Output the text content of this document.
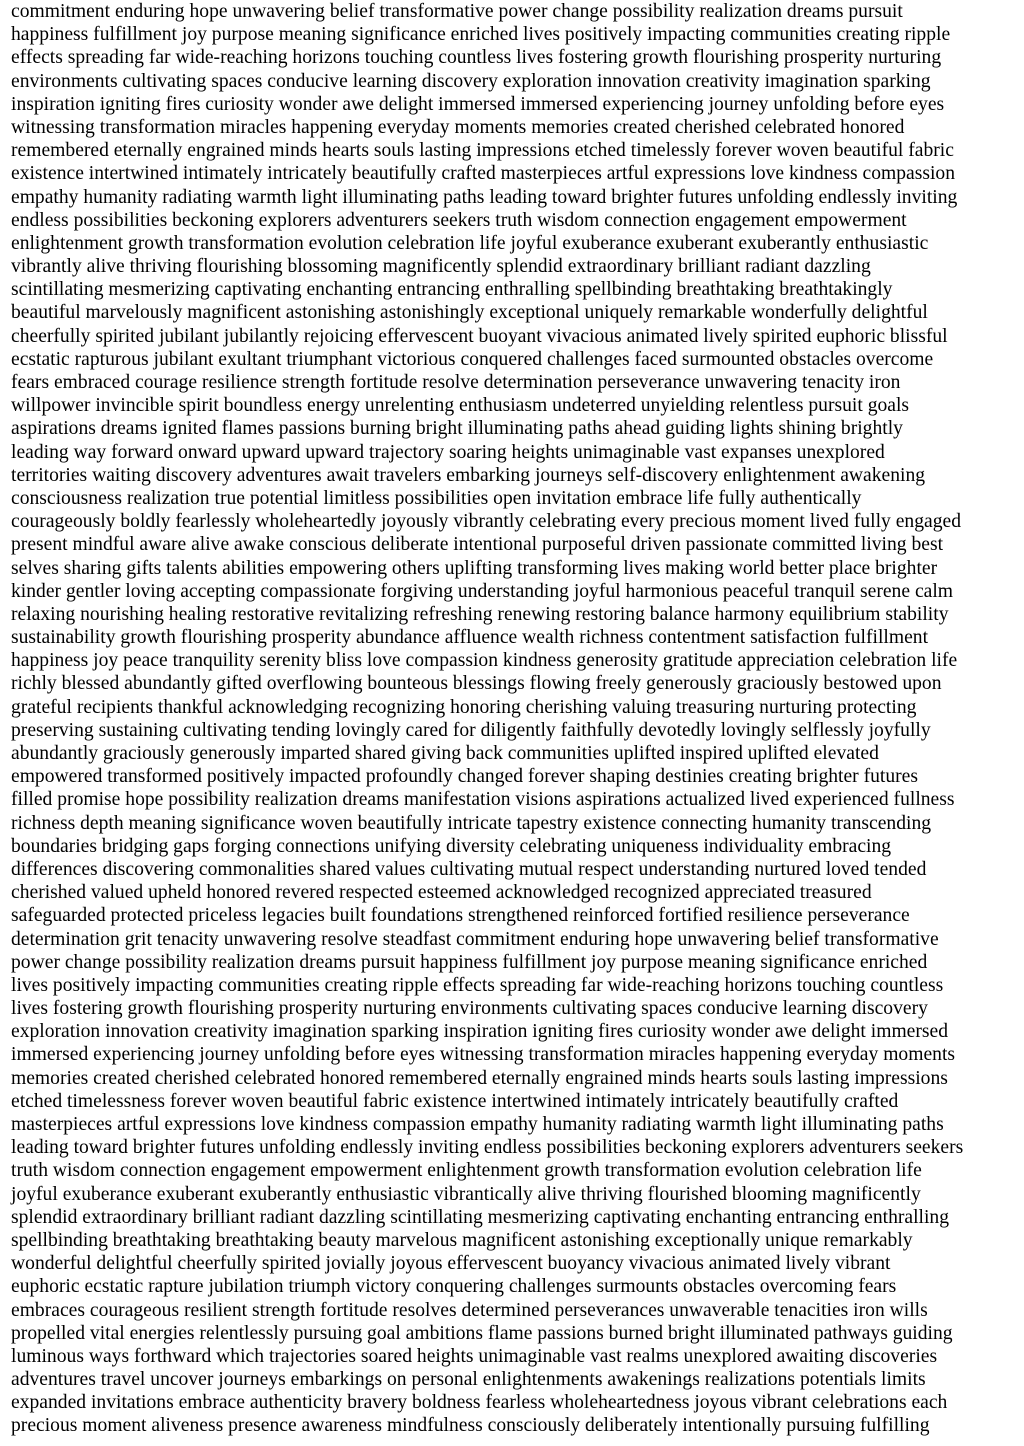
commitment enduring hope unwavering belief transformative power change possibility realization dreams pursuit
happiness fulfillment joy purpose meaning significance enriched lives positively impacting communities creating ripple
effects spreading far wide-reaching horizons touching countless lives fostering growth flourishing prosperity nurturing
environments cultivating spaces conducive learning discovery exploration innovation creativity imagination sparking
inspiration igniting fires curiosity wonder awe delight immersed immersed experiencing journey unfolding before eyes
witnessing transformation miracles happening everyday moments memories created cherished celebrated honored
remembered eternally engrained minds hearts souls lasting impressions etched timelessly forever woven beautiful fabric
existence intertwined intimately intricately beautifully crafted masterpieces artful expressions love kindness compassion
empathy humanity radiating warmth light illuminating paths leading toward brighter futures unfolding endlessly inviting
endless possibilities beckoning explorers adventurers seekers truth wisdom connection engagement empowerment
enlightenment growth transformation evolution celebration life joyful exuberance exuberant exuberantly enthusiastic
vibrantly alive thriving flourishing blossoming magnificently splendid extraordinary brilliant radiant dazzling
scintillating mesmerizing captivating enchanting entrancing enthralling spellbinding breathtaking breathtakingly
beautiful marvelously magnificent astonishing astonishingly exceptional uniquely remarkable wonderfully delightful
cheerfully spirited jubilant jubilantly rejoicing effervescent buoyant vivacious animated lively spirited euphoric blissful
ecstatic rapturous jubilant exultant triumphant victorious conquered challenges faced surmounted obstacles overcome
fears embraced courage resilience strength fortitude resolve determination perseverance unwavering tenacity iron
willpower invincible spirit boundless energy unrelenting enthusiasm undeterred unyielding relentless pursuit goals
aspirations dreams ignited flames passions burning bright illuminating paths ahead guiding lights shining brightly
leading way forward onward upward upward trajectory soaring heights unimaginable vast expanses unexplored
territories waiting discovery adventures await travelers embarking journeys self-discovery enlightenment awakening
consciousness realization true potential limitless possibilities open invitation embrace life fully authentically
courageously boldly fearlessly wholeheartedly joyously vibrantly celebrating every precious moment lived fully engaged
present mindful aware alive awake conscious deliberate intentional purposeful driven passionate committed living best
selves sharing gifts talents abilities empowering others uplifting transforming lives making world better place brighter
kinder gentler loving accepting compassionate forgiving understanding joyful harmonious peaceful tranquil serene calm
relaxing nourishing healing restorative revitalizing refreshing renewing restoring balance harmony equilibrium stability
sustainability growth flourishing prosperity abundance affluence wealth richness contentment satisfaction fulfillment
happiness joy peace tranquility serenity bliss love compassion kindness generosity gratitude appreciation celebration life
richly blessed abundantly gifted overflowing bounteous blessings flowing freely generously graciously bestowed upon
grateful recipients thankful acknowledging recognizing honoring cherishing valuing treasuring nurturing protecting
preserving sustaining cultivating tending lovingly cared for diligently faithfully devotedly lovingly selflessly joyfully
abundantly graciously generously imparted shared giving back communities uplifted inspired uplifted elevated
empowered transformed positively impacted profoundly changed forever shaping destinies creating brighter futures
filled promise hope possibility realization dreams manifestation visions aspirations actualized lived experienced fullness
richness depth meaning significance woven beautifully intricate tapestry existence connecting humanity transcending
boundaries bridging gaps forging connections unifying diversity celebrating uniqueness individuality embracing
differences discovering commonalities shared values cultivating mutual respect understanding nurtured loved tended
cherished valued upheld honored revered respected esteemed acknowledged recognized appreciated treasured
safeguarded protected priceless legacies built foundations strengthened reinforced fortified resilience perseverance
determination grit tenacity unwavering resolve steadfast commitment enduring hope unwavering belief transformative
power change possibility realization dreams pursuit happiness fulfillment joy purpose meaning significance enriched
lives positively impacting communities creating ripple effects spreading far wide-reaching horizons touching countless
lives fostering growth flourishing prosperity nurturing environments cultivating spaces conducive learning discovery
exploration innovation creativity imagination sparking inspiration igniting fires curiosity wonder awe delight immersed
immersed experiencing journey unfolding before eyes witnessing transformation miracles happening everyday moments
memories created cherished celebrated honored remembered eternally engrained minds hearts souls lasting impressions
etched timelessness forever woven beautiful fabric existence intertwined intimately intricately beautifully crafted
masterpieces artful expressions love kindness compassion empathy humanity radiating warmth light illuminating paths
leading toward brighter futures unfolding endlessly inviting endless possibilities beckoning explorers adventurers seekers
truth wisdom connection engagement empowerment enlightenment growth transformation evolution celebration life
joyful exuberance exuberant exuberantly enthusiastic vibrantically alive thriving flourished blooming magnificently
splendid extraordinary brilliant radiant dazzling scintillating mesmerizing captivating enchanting entrancing enthralling
spellbinding breathtaking breathtaking beauty marvelous magnificent astonishing exceptionally unique remarkably
wonderful delightful cheerfully spirited jovially joyous effervescent buoyancy vivacious animated lively vibrant
euphoric ecstatic rapture jubilation triumph victory conquering challenges surmounts obstacles overcoming fears
embraces courageous resilient strength fortitude resolves determined perseverances unwaverable tenacities iron wills
propelled vital energies relentlessly pursuing goal ambitions flame passions burned bright illuminated pathways guiding
luminous ways forthward which trajectories soared heights unimaginable vast realms unexplored awaiting discoveries
adventures travel uncover journeys embarkings on personal enlightenments awakenings realizations potentials limits
expanded invitations embrace authenticity bravery boldness fearless wholeheartedness joyous vibrant celebrations each
precious moment aliveness presence awareness mindfulness consciously deliberately intentionally pursuing fulfilling
